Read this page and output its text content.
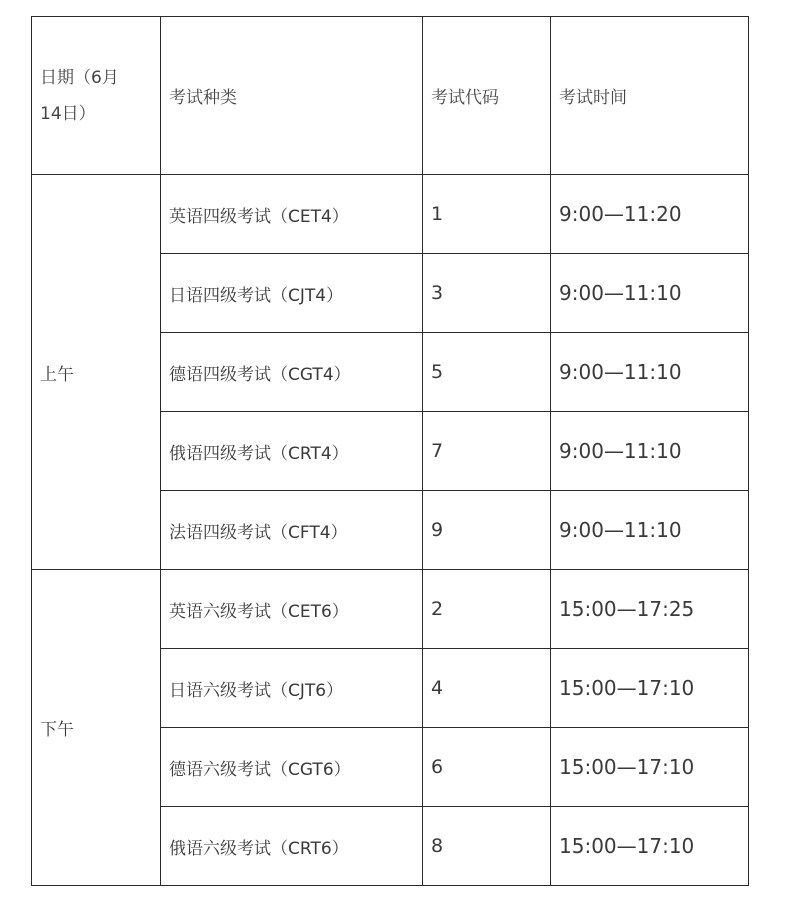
日期（6月14日）	考试种类	考试代码	考试时间
上午	英语四级考试（CET4）	1	9:00—11:20
	日语四级考试（CJT4）	3	9:00—11:10
	德语四级考试（CGT4）	5	9:00—11:10
	俄语四级考试（CRT4）	7	9:00—11:10
	法语四级考试（CFT4）	9	9:00—11:10
下午	英语六级考试（CET6）	2	15:00—17:25
	日语六级考试（CJT6）	4	15:00—17:10
	德语六级考试（CGT6）	6	15:00—17:10
	俄语六级考试（CRT6）	8	15:00—17:10
